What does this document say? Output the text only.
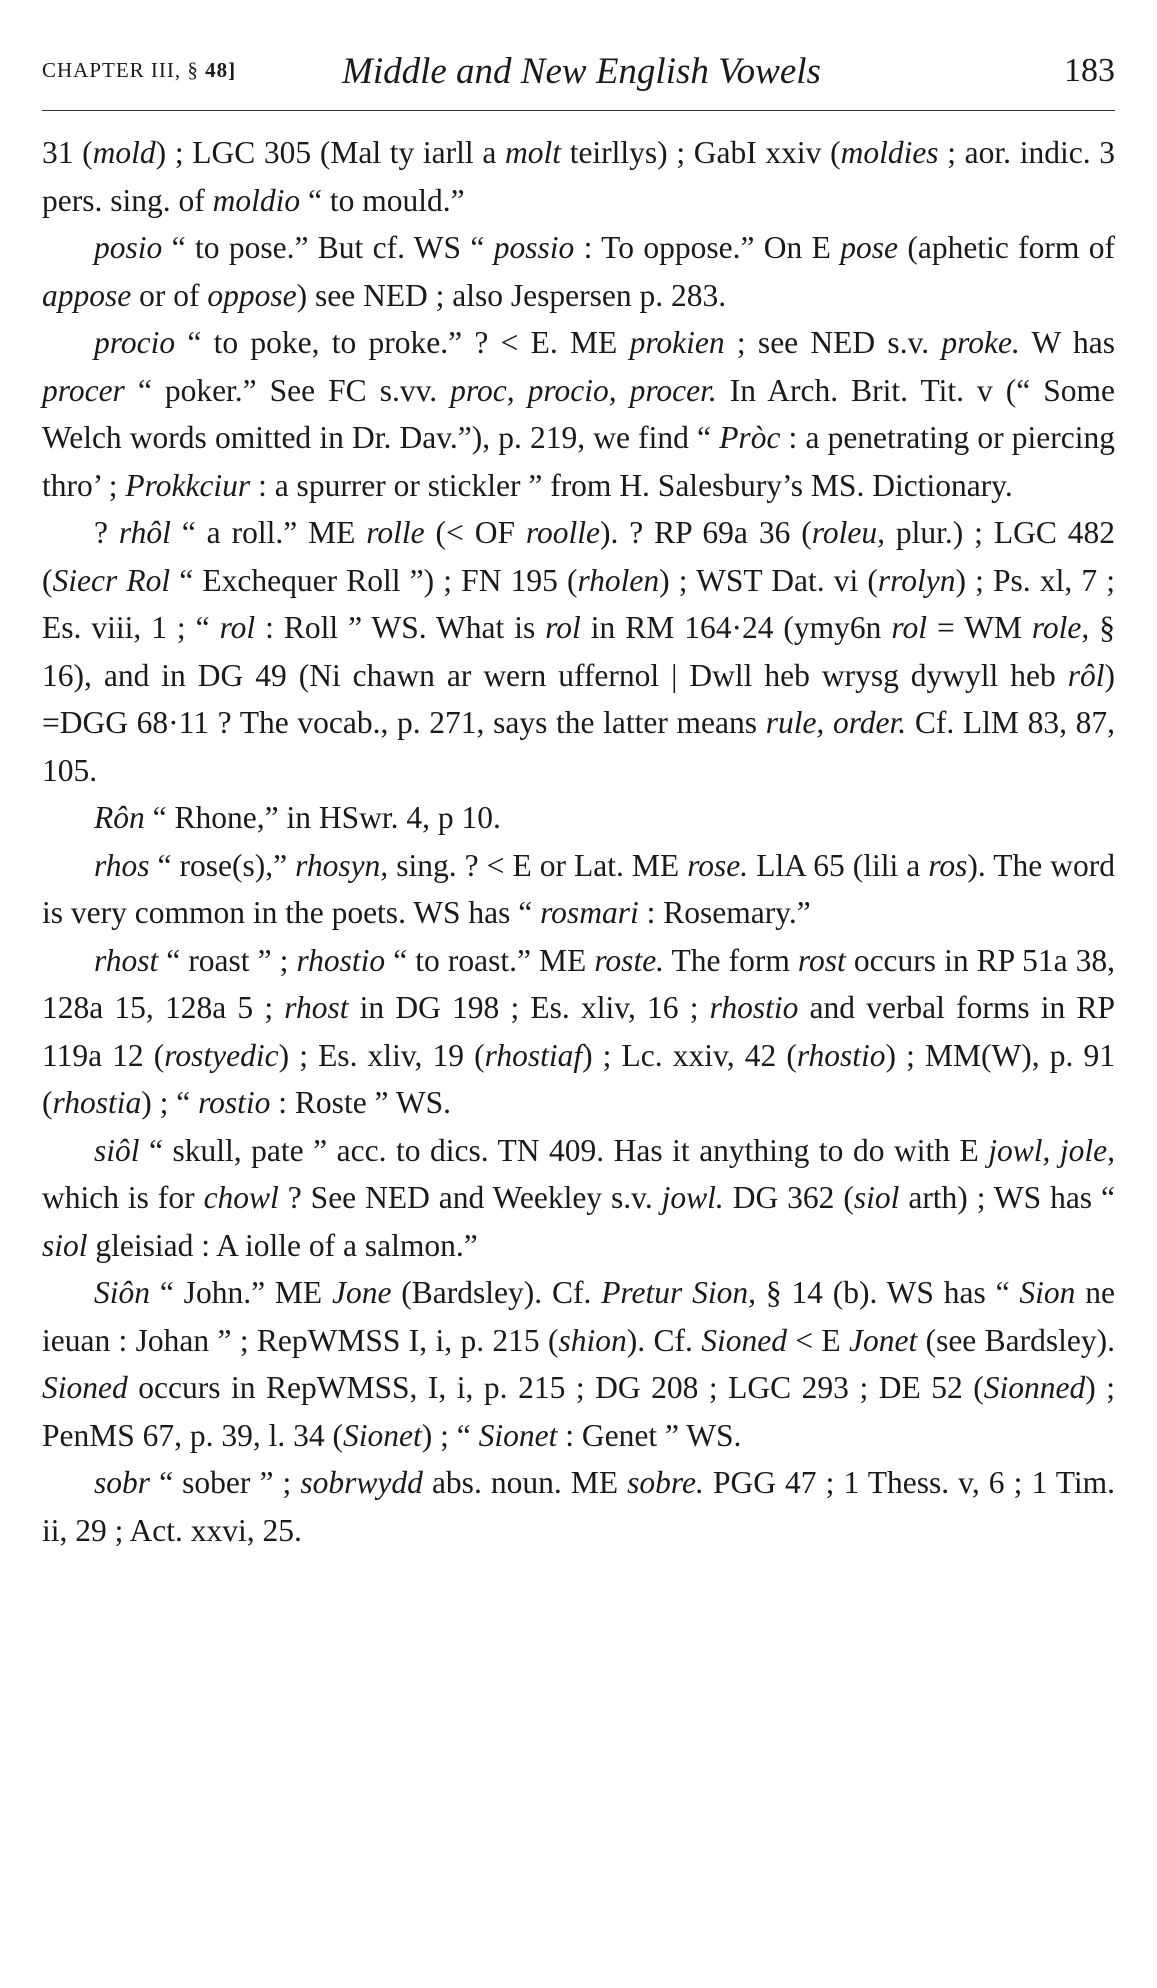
CHAPTER III, § 48]	Middle and New English Vowels	183

31 (mold) ; LGC 305 (Mal ty iarll a molt teirllys) ; GabI xxiv (moldies ; aor. indic. 3 pers. sing. of moldio “ to mould.”

posio “ to pose.” But cf. WS “ possio : To oppose.” On E pose (aphetic form of appose or of oppose) see NED ; also Jespersen p. 283.

procio “ to poke, to proke.” ? < E. ME prokien ; see NED s.v. proke. W has procer “ poker.” See FC s.vv. proc, procio, procer. In Arch. Brit. Tit. v (“ Some Welch words omitted in Dr. Dav.”), p. 219, we find “ Pròc : a penetrating or piercing thro’ ; Prokkciur : a spurrer or stickler ” from H. Salesbury’s MS. Dictionary.

? rhôl “ a roll.” ME rolle (< OF roolle). ? RP 69a 36 (roleu, plur.) ; LGC 482 (Siecr Rol “ Exchequer Roll ”) ; FN 195 (rholen) ; WST Dat. vi (rrolyn) ; Ps. xl, 7 ; Es. viii, 1 ; “ rol : Roll ” WS. What is rol in RM 164·24 (ymy6n rol = WM role, § 16), and in DG 49 (Ni chawn ar wern uffernol | Dwll heb wrysg dywyll heb rôl) =DGG 68·11 ? The vocab., p. 271, says the latter means rule, order. Cf. LlM 83, 87, 105.

Rôn “ Rhone,” in HSwr. 4, p 10.

rhos “ rose(s),” rhosyn, sing. ? < E or Lat. ME rose. LlA 65 (lili a ros). The word is very common in the poets. WS has “ rosmari : Rosemary.”

rhost “ roast ” ; rhostio “ to roast.” ME roste. The form rost occurs in RP 51a 38, 128a 15, 128a 5 ; rhost in DG 198 ; Es. xliv, 16 ; rhostio and verbal forms in RP 119a 12 (rostyedic) ; Es. xliv, 19 (rhostiaf) ; Lc. xxiv, 42 (rhostio) ; MM(W), p. 91 (rhostia) ; “ rostio : Roste ” WS.

siôl “ skull, pate ” acc. to dics. TN 409. Has it anything to do with E jowl, jole, which is for chowl ? See NED and Weekley s.v. jowl. DG 362 (siol arth) ; WS has “ siol gleisiad : A iolle of a salmon.”

Siôn “ John.” ME Jone (Bardsley). Cf. Pretur Sion, § 14 (b). WS has “ Sion ne ieuan : Johan ” ; RepWMSS I, i, p. 215 (shion). Cf. Sioned < E Jonet (see Bardsley). Sioned occurs in RepWMSS, I, i, p. 215 ; DG 208 ; LGC 293 ; DE 52 (Sionned) ; PenMS 67, p. 39, l. 34 (Sionet) ; “ Sionet : Genet ” WS.

sobr “ sober ” ; sobrwydd abs. noun. ME sobre. PGG 47 ; 1 Thess. v, 6 ; 1 Tim. ii, 29 ; Act. xxvi, 25.
